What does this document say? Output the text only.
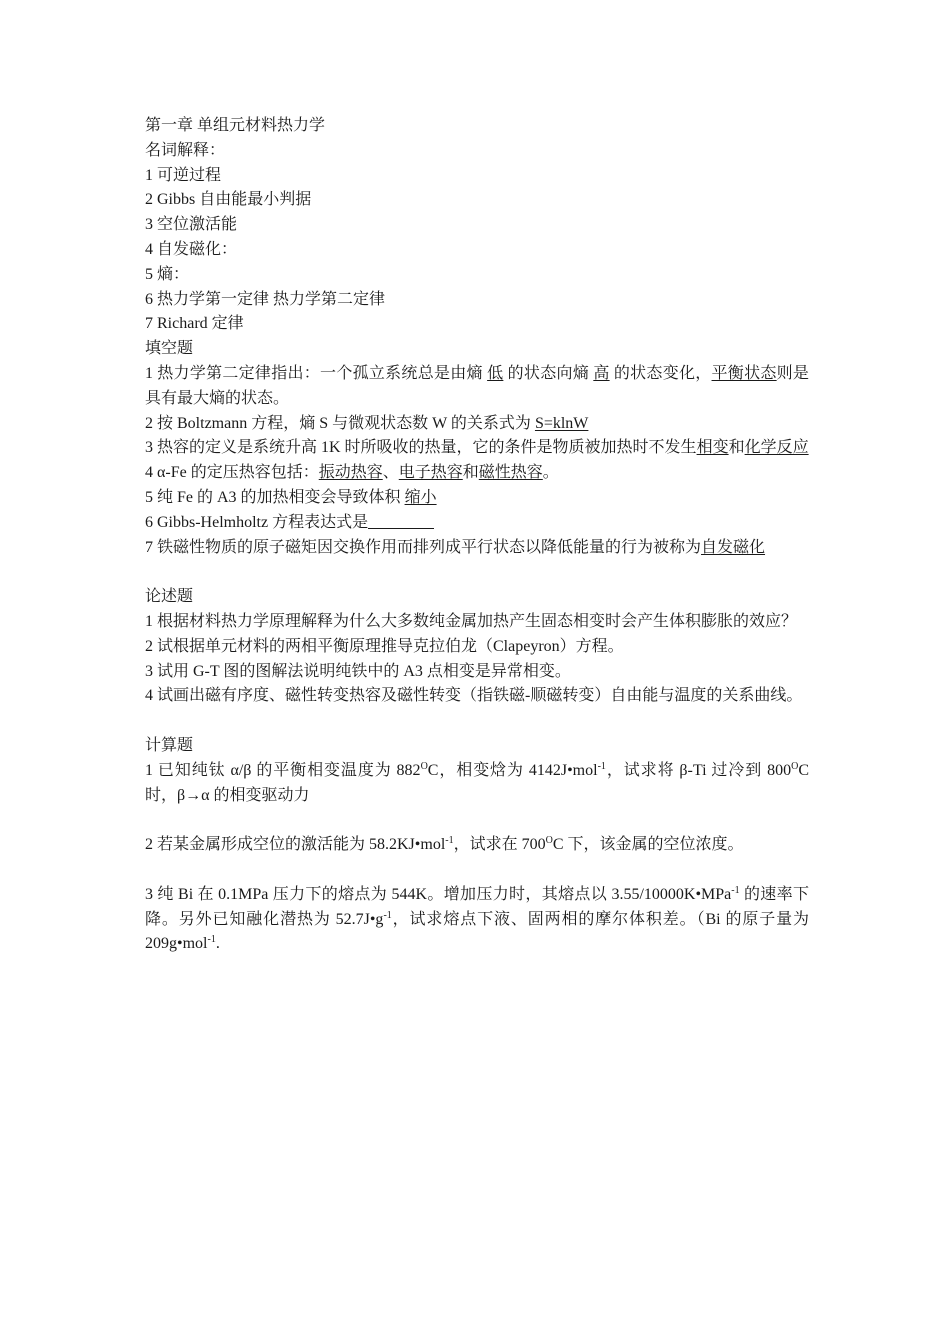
第一章 单组元材料热力学
名词解释：
1 可逆过程
2 Gibbs 自由能最小判据
3 空位激活能
4 自发磁化：
5 熵：
6 热力学第一定律 热力学第二定律
7 Richard 定律
填空题
1 热力学第二定律指出：一个孤立系统总是由熵 低 的状态向熵 高 的状态变化，平衡状态则是具有最大熵的状态。
2 按 Boltzmann 方程，熵 S 与微观状态数 W 的关系式为 S=klnW
3 热容的定义是系统升高 1K 时所吸收的热量，它的条件是物质被加热时不发生相变和化学反应
4 α-Fe 的定压热容包括：振动热容、电子热容和磁性热容。
5 纯 Fe 的 A3 的加热相变会导致体积 缩小
6 Gibbs-Helmholtz 方程表达式是
7 铁磁性物质的原子磁矩因交换作用而排列成平行状态以降低能量的行为被称为自发磁化
论述题
1 根据材料热力学原理解释为什么大多数纯金属加热产生固态相变时会产生体积膨胀的效应？
2 试根据单元材料的两相平衡原理推导克拉伯龙（Clapeyron）方程。
3 试用 G-T 图的图解法说明纯铁中的 A3 点相变是异常相变。
4 试画出磁有序度、磁性转变热容及磁性转变（指铁磁-顺磁转变）自由能与温度的关系曲线。
计算题
1 已知纯钛 α/β 的平衡相变温度为 $882^OC$，相变焓为 4142J•mol$^{-1}$，试求将 β-Ti 过冷到 $800^OC$ 时，β→α 的相变驱动力
2 若某金属形成空位的激活能为 58.2KJ•mol$^{-1}$，试求在 $700^OC$ 下，该金属的空位浓度。
3 纯 Bi 在 0.1MPa 压力下的熔点为 544K。增加压力时，其熔点以 3.55/10000K•MPa$^{-1}$ 的速率下降。另外已知融化潜热为 $52.7J•g^{-1}$，试求熔点下液、固两相的摩尔体积差。（Bi 的原子量为 209g•mol$^{-1}$.
